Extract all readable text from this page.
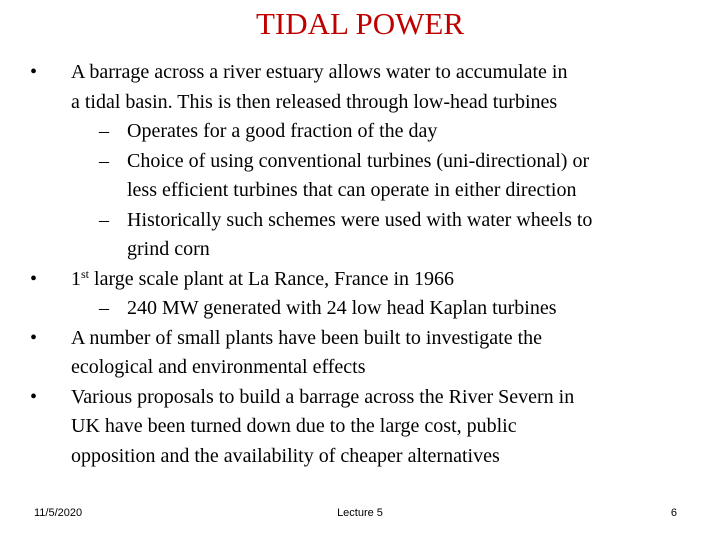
TIDAL POWER
• A barrage across a river estuary allows water to accumulate in
a tidal basin. This is then released through low-head turbines
– Operates for a good fraction of the day
– Choice of using conventional turbines (uni-directional) or
less efficient turbines that can operate in either direction
– Historically such schemes were used with water wheels to
grind corn
• 1st large scale plant at La Rance, France in 1966
– 240 MW generated with 24 low head Kaplan turbines
• A number of small plants have been built to investigate the
ecological and environmental effects
• Various proposals to build a barrage across the River Severn in
UK have been turned down due to the large cost, public
opposition and the availability of cheaper alternatives
11/5/2020	Lecture 5	6
